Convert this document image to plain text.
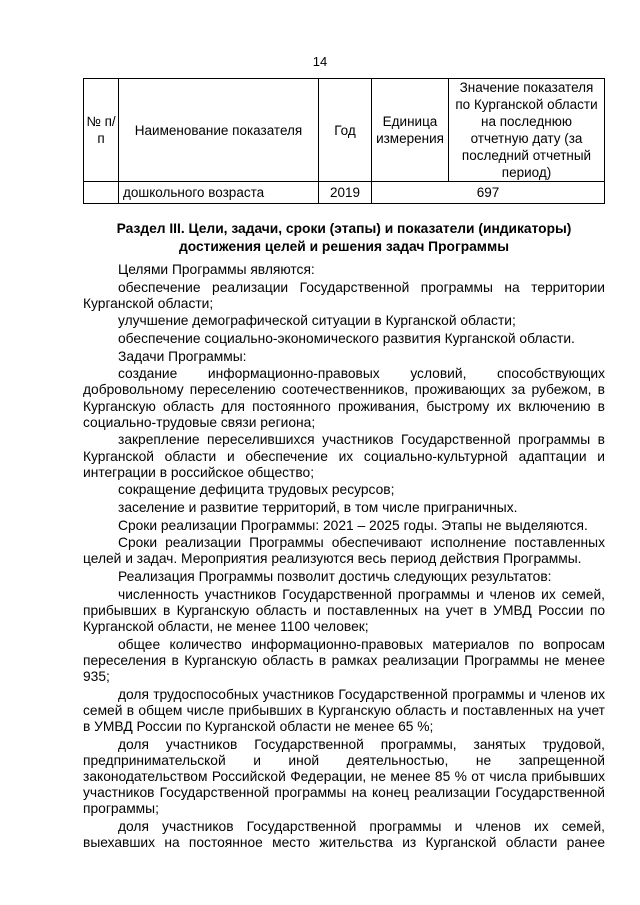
14
№ п/п	Наименование показателя	Год	Единица измерения	Значение показателя по Курганской области на последнюю отчетную дату (за последний отчетный период)
	дошкольного возраста	2019	697	
Раздел III. Цели, задачи, сроки (этапы) и показатели (индикаторы) достижения целей и решения задач Программы

Целями Программы являются:

обеспечение реализации Государственной программы на территории Курганской области;

улучшение демографической ситуации в Курганской области;

обеспечение социально-экономического развития Курганской области.

Задачи Программы:

создание информационно-правовых условий, способствующих добровольному переселению соотечественников, проживающих за рубежом, в Курганскую область для постоянного проживания, быстрому их включению в социально-трудовые связи региона;

закрепление переселившихся участников Государственной программы в Курганской области и обеспечение их социально-культурной адаптации и интеграции в российское общество;

сокращение дефицита трудовых ресурсов;

заселение и развитие территорий, в том числе приграничных.

Сроки реализации Программы: 2021 – 2025 годы. Этапы не выделяются.

Сроки реализации Программы обеспечивают исполнение поставленных целей и задач. Мероприятия реализуются весь период действия Программы.

Реализация Программы позволит достичь следующих результатов:

численность участников Государственной программы и членов их семей, прибывших в Курганскую область и поставленных на учет в УМВД России по Курганской области, не менее 1100 человек;

общее количество информационно-правовых материалов по вопросам переселения в Курганскую область в рамках реализации Программы не менее 935;

доля трудоспособных участников Государственной программы и членов их семей в общем числе прибывших в Курганскую область и поставленных на учет в УМВД России по Курганской области не менее 65 %;

доля участников Государственной программы, занятых трудовой, предпринимательской и иной деятельностью, не запрещенной законодательством Российской Федерации, не менее 85 % от числа прибывших участников Государственной программы на конец реализации Государственной программы;

доля участников Государственной программы и членов их семей, выехавших на постоянное место жительства из Курганской области ранее
